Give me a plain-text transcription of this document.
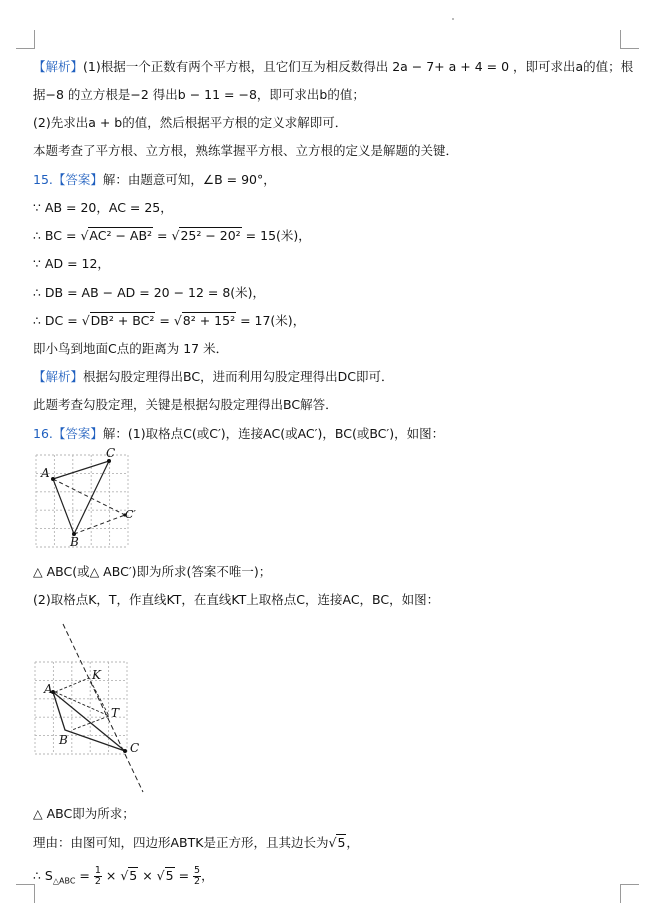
【解析】(1)根据一个正数有两个平方根，且它们互为相反数得出 2a − 7+ a + 4 = 0 ，即可求出a的值；根
据−8 的立方根是−2 得出b − 11 = −8，即可求出b的值；
(2)先求出a + b的值，然后根据平方根的定义求解即可．
本题考查了平方根、立方根，熟练掌握平方根、立方根的定义是解题的关键．
15.【答案】解：由题意可知，∠B = 90°，
∵ AB = 20，AC = 25，
∴ BC = √AC² − AB² = √25² − 20² = 15(米)，
∵ AD = 12，
∴ DB = AB − AD = 20 − 12 = 8(米)，
∴ DC = √DB² + BC² = √8² + 15² = 17(米)，
即小鸟到地面C点的距离为 17 米．
【解析】根据勾股定理得出BC，进而利用勾股定理得出DC即可．
此题考查勾股定理，关键是根据勾股定理得出BC解答．
16.【答案】解：(1)取格点C(或C′)，连接AC(或AC′)，BC(或BC′)，如图：
A
C
B
C′
△ ABC(或△ ABC′)即为所求(答案不唯一)；
(2)取格点K，T，作直线KT，在直线KT上取格点C，连接AC，BC，如图：
A
K
T
B
C
△ ABC即为所求；
理由：由图可知，四边形ABTK是正方形，且其边长为√5，
∴ $S_{\triangle ABC} = \frac{1}{2} \times √5 \times √5 = \frac{5}{2}$ ，
